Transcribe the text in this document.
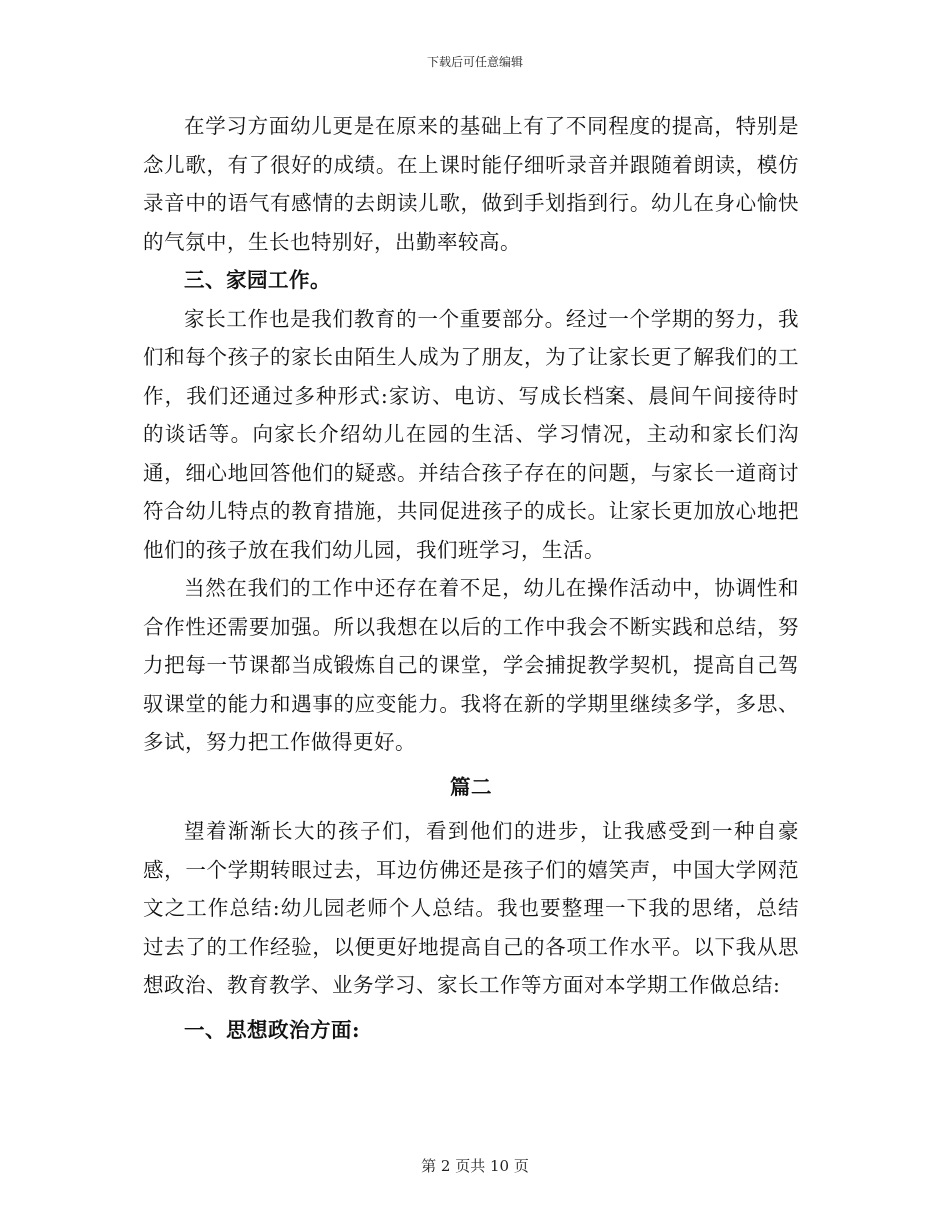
下载后可任意编辑

在学习方面幼儿更是在原来的基础上有了不同程度的提高，特别是念儿歌，有了很好的成绩。在上课时能仔细听录音并跟随着朗读，模仿录音中的语气有感情的去朗读儿歌，做到手划指到行。幼儿在身心愉快的气氛中，生长也特别好，出勤率较高。

三、家园工作。

家长工作也是我们教育的一个重要部分。经过一个学期的努力，我们和每个孩子的家长由陌生人成为了朋友，为了让家长更了解我们的工作，我们还通过多种形式:家访、电访、写成长档案、晨间午间接待时的谈话等。向家长介绍幼儿在园的生活、学习情况，主动和家长们沟通，细心地回答他们的疑惑。并结合孩子存在的问题，与家长一道商讨符合幼儿特点的教育措施，共同促进孩子的成长。让家长更加放心地把他们的孩子放在我们幼儿园，我们班学习，生活。

当然在我们的工作中还存在着不足，幼儿在操作活动中，协调性和合作性还需要加强。所以我想在以后的工作中我会不断实践和总结，努力把每一节课都当成锻炼自己的课堂，学会捕捉教学契机，提高自己驾驭课堂的能力和遇事的应变能力。我将在新的学期里继续多学，多思、多试，努力把工作做得更好。

篇二

望着渐渐长大的孩子们，看到他们的进步，让我感受到一种自豪感，一个学期转眼过去，耳边仿佛还是孩子们的嬉笑声，中国大学网范文之工作总结:幼儿园老师个人总结。我也要整理一下我的思绪，总结过去了的工作经验，以便更好地提高自己的各项工作水平。以下我从思想政治、教育教学、业务学习、家长工作等方面对本学期工作做总结:

一、思想政治方面:

第 2 页共 10 页
